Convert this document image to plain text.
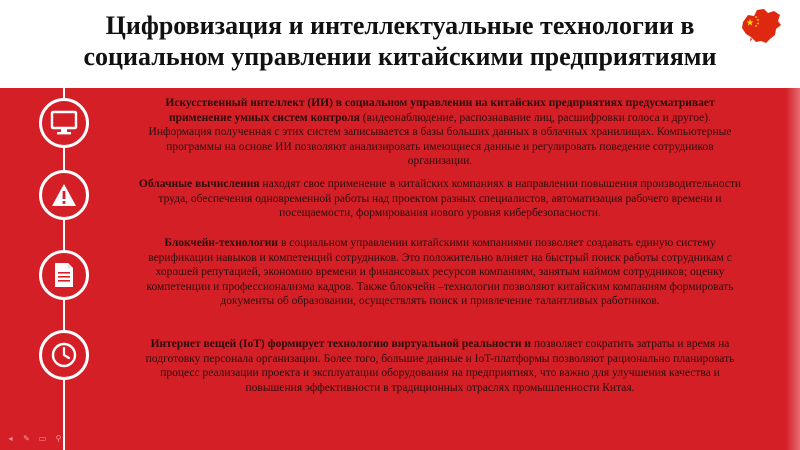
Цифровизация и интеллектуальные технологии в
социальном управлении китайскими предприятиями
Искусственный интеллект (ИИ) в социальном управлении на китайских предприятиях предусматривает
применение умных систем контроля (видеонаблюдение, распознавание лиц, расшифровки голоса и другое).
Информация полученная с этих систем записывается в базы больших данных в облачных хранилищах. Компьютерные
программы на основе ИИ позволяют анализировать имеющиеся данные и регулировать поведение сотрудников
организации.
Облачные вычисления находят свое применение в китайских компаниях в направлении повышения производительности
труда, обеспечения одновременной работы над проектом разных специалистов, автоматизация рабочего времени и
посещаемости, формирования нового уровня кибербезопасности.
Блокчейн-технологии в социальном управлении китайскими компаниями позволяет создавать единую систему
верификации навыков и компетенций сотрудников. Это положительно влияет на быстрый поиск работы сотрудникам с
хорошей репутацией, экономию времени и финансовых ресурсов компаниям, занятым наймом сотрудников; оценку
компетенции и профессионализма кадров. Также блокчейн –технологии позволяют китайским компаниям формировать
документы об образовании, осуществлять поиск и привлечение талантливых работников.
Интернет вещей (IoT) формирует технологию виртуальной реальности и позволяет сократить затраты и время на
подготовку персонала организации. Более того, большие данные и IoT-платформы позволяют рационально планировать
процесс реализации проекта и эксплуатации оборудования на предприятиях, что важно для улучшения качества и
повышения эффективности в традиционных отраслях промышленности Китая.
◂	✎ ▭ ⚲
